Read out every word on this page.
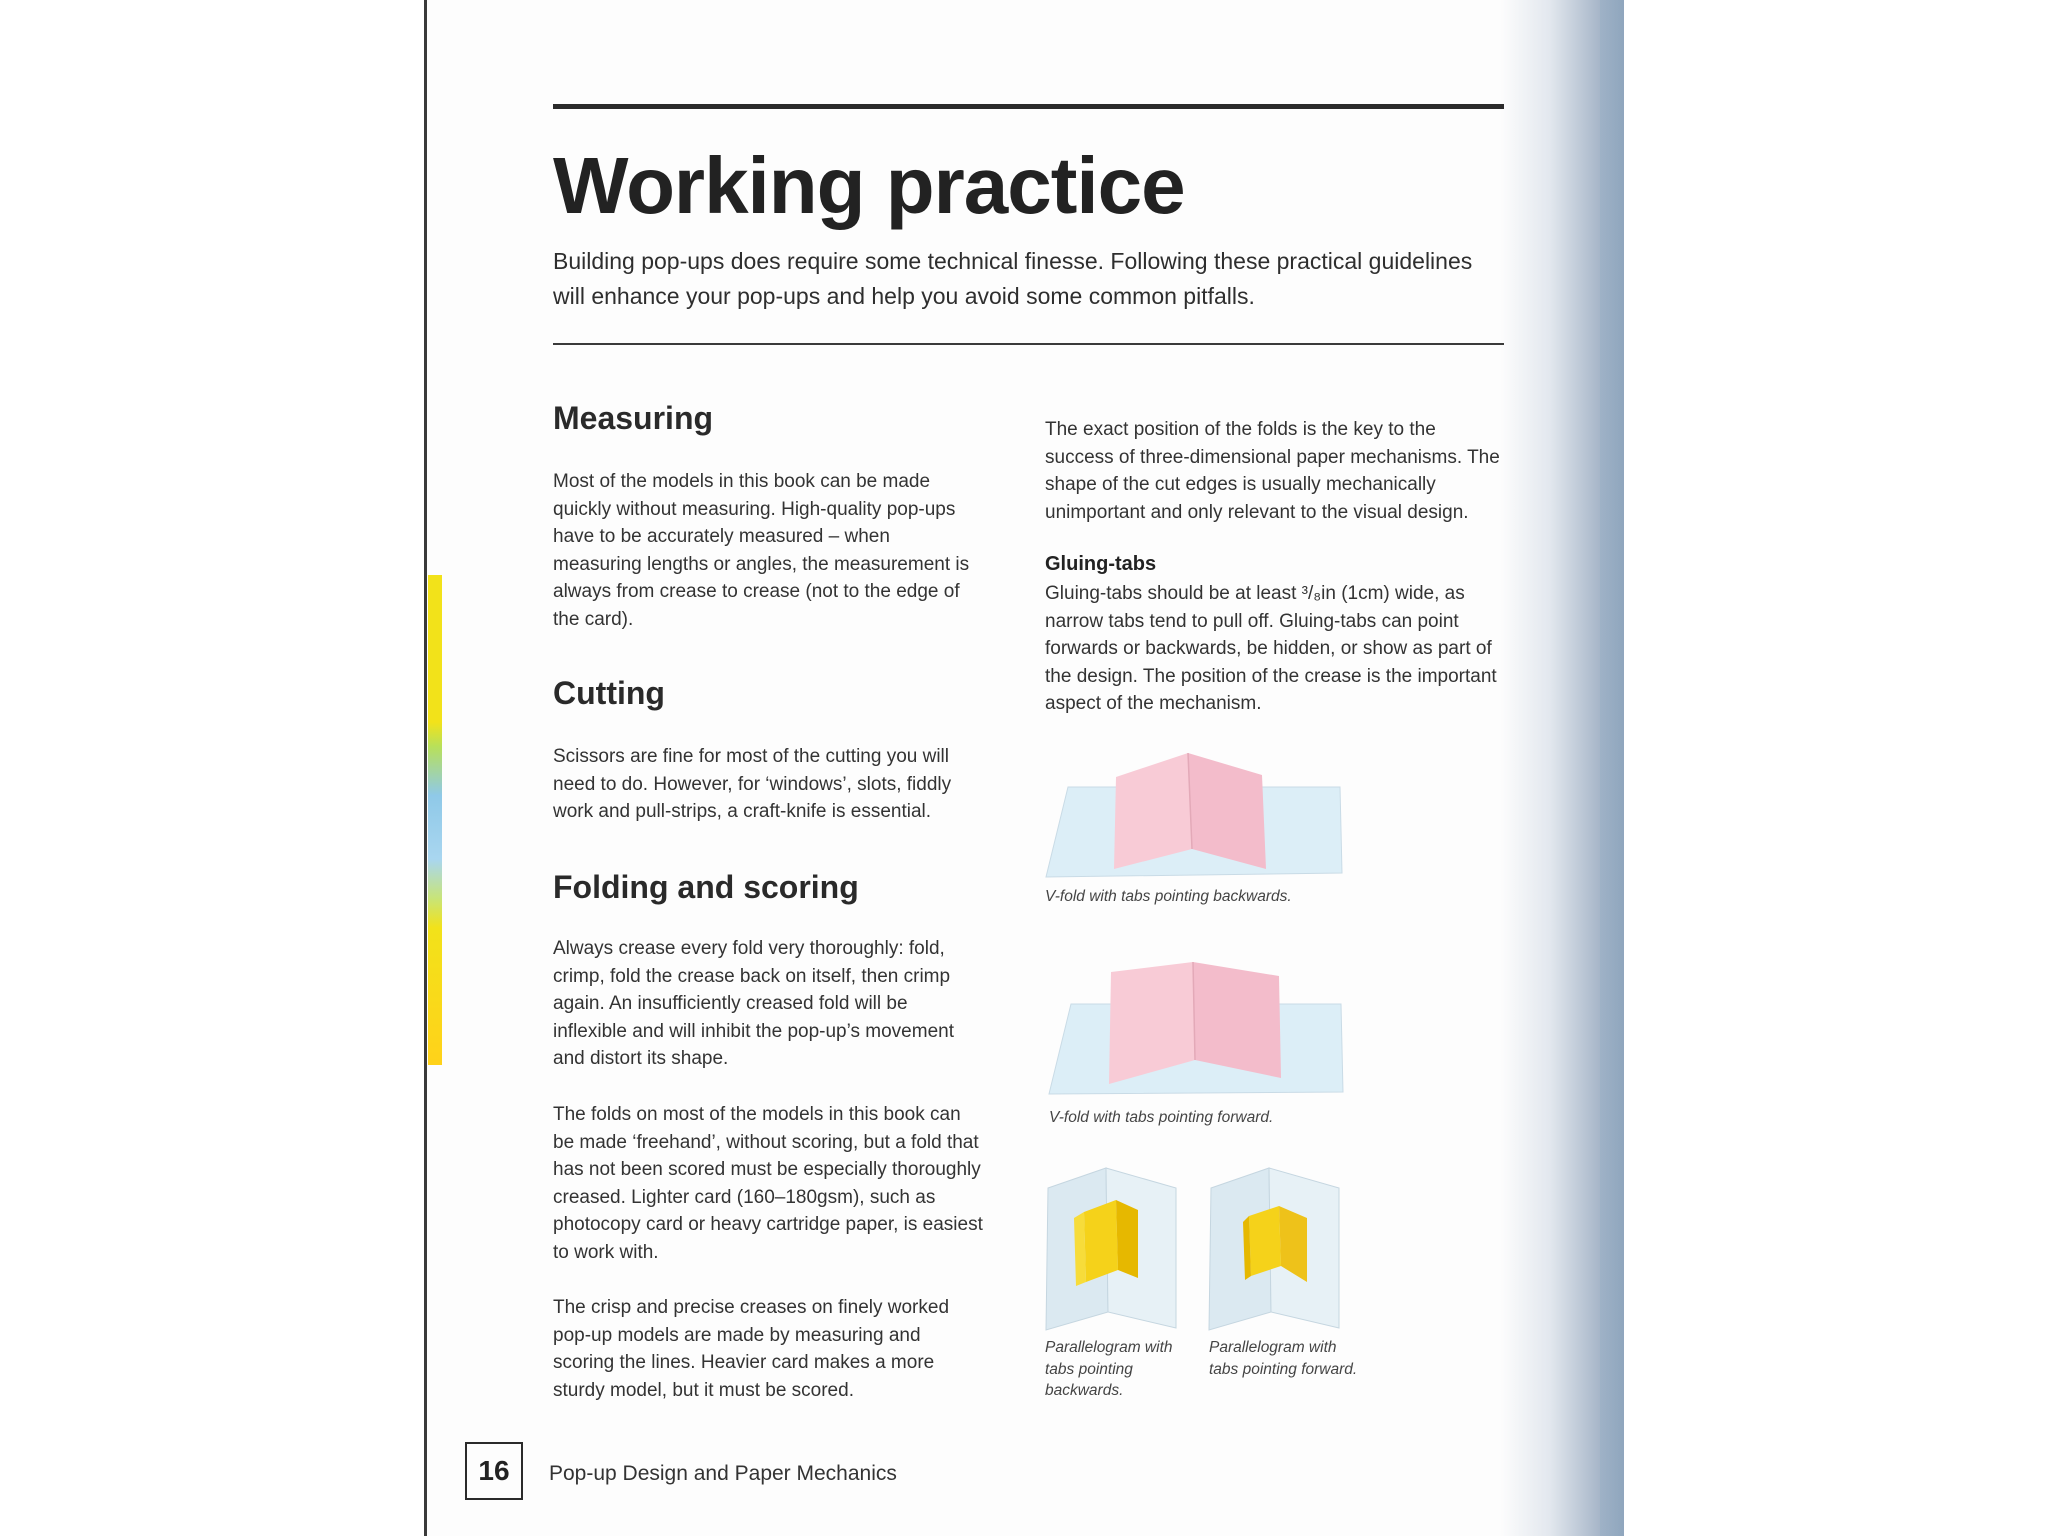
Working practice

Building pop-ups does require some technical finesse. Following these practical guidelines will enhance your pop-ups and help you avoid some common pitfalls.

Measuring

Most of the models in this book can be made quickly without measuring. High-quality pop-ups have to be accurately measured – when measuring lengths or angles, the measurement is always from crease to crease (not to the edge of the card).

Cutting

Scissors are fine for most of the cutting you will need to do. However, for ‘windows’, slots, fiddly work and pull-strips, a craft-knife is essential.

Folding and scoring

Always crease every fold very thoroughly: fold, crimp, fold the crease back on itself, then crimp again. An insufficiently creased fold will be inflexible and will inhibit the pop-up’s movement and distort its shape.

The folds on most of the models in this book can be made ‘freehand’, without scoring, but a fold that has not been scored must be especially thoroughly creased. Lighter card (160–180gsm), such as photocopy card or heavy cartridge paper, is easiest to work with.

The crisp and precise creases on finely worked pop-up models are made by measuring and scoring the lines. Heavier card makes a more sturdy model, but it must be scored.

The exact position of the folds is the key to the success of three-dimensional paper mechanisms. The shape of the cut edges is usually mechanically unimportant and only relevant to the visual design.

Gluing-tabs

Gluing-tabs should be at least ³/₈in (1cm) wide, as narrow tabs tend to pull off. Gluing-tabs can point forwards or backwards, be hidden, or show as part of the design. The position of the crease is the important aspect of the mechanism.

V-fold with tabs pointing backwards.

V-fold with tabs pointing forward.

Parallelogram with tabs pointing backwards.

Parallelogram with tabs pointing forward.

16	Pop-up Design and Paper Mechanics
